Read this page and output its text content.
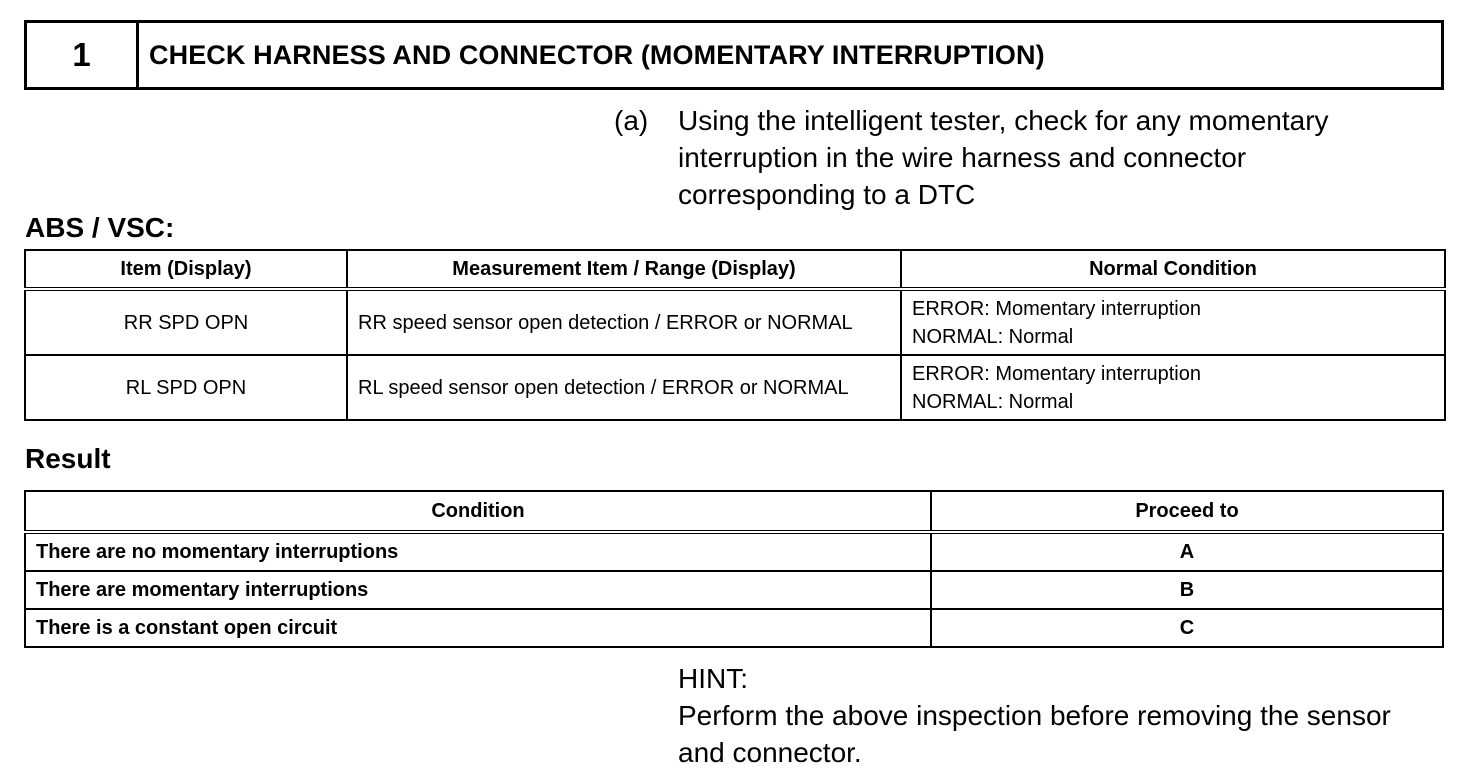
1	CHECK HARNESS AND CONNECTOR (MOMENTARY INTERRUPTION)
(a)	Using the intelligent tester, check for any momentary interruption in the wire harness and connector corresponding to a DTC
ABS / VSC:
Item (Display)	Measurement Item / Range (Display)	Normal Condition
RR SPD OPN	RR speed sensor open detection / ERROR or NORMAL	ERROR: Momentary interruption
NORMAL: Normal

RL SPD OPN	RL speed sensor open detection / ERROR or NORMAL	ERROR: Momentary interruption
NORMAL: Normal
Result
Condition	Proceed to
There are no momentary interruptions	A
There are momentary interruptions	B
There is a constant open circuit	C
HINT:
Perform the above inspection before removing the sensor and connector.
